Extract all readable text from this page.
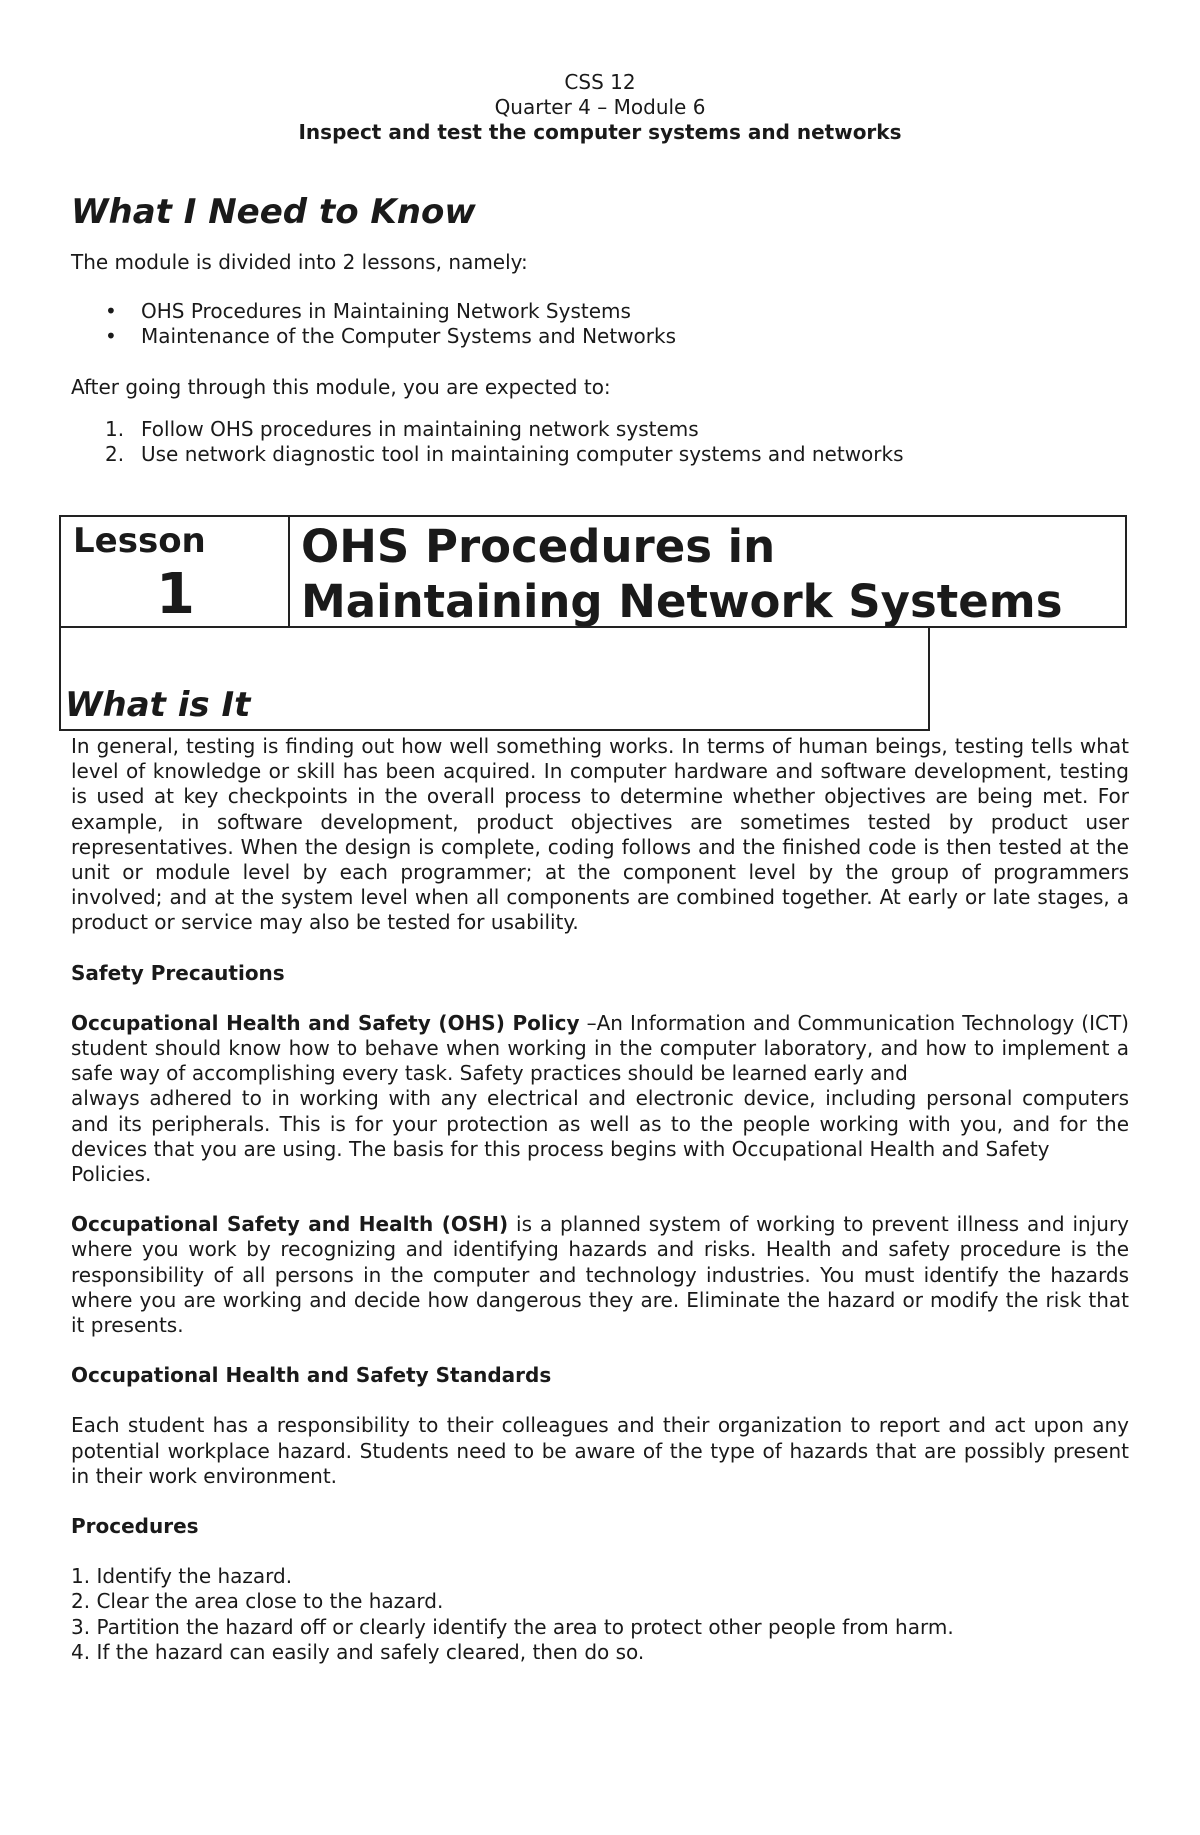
CSS 12
Quarter 4 – Module 6
Inspect and test the computer systems and networks
What I Need to Know

The module is divided into 2 lessons, namely:

• OHS Procedures in Maintaining Network Systems
• Maintenance of the Computer Systems and Networks

After going through this module, you are expected to:

1. Follow OHS procedures in maintaining network systems
2. Use network diagnostic tool in maintaining computer systems and networks
Lesson
1
OHS Procedures in
Maintaining Network Systems
What is It

In general, testing is finding out how well something works. In terms of human beings, testing tells what level of knowledge or skill has been acquired. In computer hardware and software development, testing is used at key checkpoints in the overall process to determine whether objectives are being met. For example, in software development, product objectives are sometimes tested by product user representatives. When the design is complete, coding follows and the finished code is then tested at the unit or module level by each programmer; at the component level by the group of programmers involved; and at the system level when all components are combined together. At early or late stages, a product or service may also be tested for usability.

Safety Precautions

Occupational Health and Safety (OHS) Policy –An Information and Communication Technology (ICT) student should know how to behave when working in the computer laboratory, and how to implement a safe way of accomplishing every task. Safety practices should be learned early and

always adhered to in working with any electrical and electronic device, including personal computers and its peripherals. This is for your protection as well as to the people working with you, and for the devices that you are using. The basis for this process begins with Occupational Health and Safety

Policies.

Occupational Safety and Health (OSH) is a planned system of working to prevent illness and injury where you work by recognizing and identifying hazards and risks. Health and safety procedure is the responsibility of all persons in the computer and technology industries. You must identify the hazards where you are working and decide how dangerous they are. Eliminate the hazard or modify the risk that it presents.

Occupational Health and Safety Standards

Each student has a responsibility to their colleagues and their organization to report and act upon any potential workplace hazard. Students need to be aware of the type of hazards that are possibly present in their work environment.

Procedures

1. Identify the hazard.
2. Clear the area close to the hazard.
3. Partition the hazard off or clearly identify the area to protect other people from harm.
4. If the hazard can easily and safely cleared, then do so.
